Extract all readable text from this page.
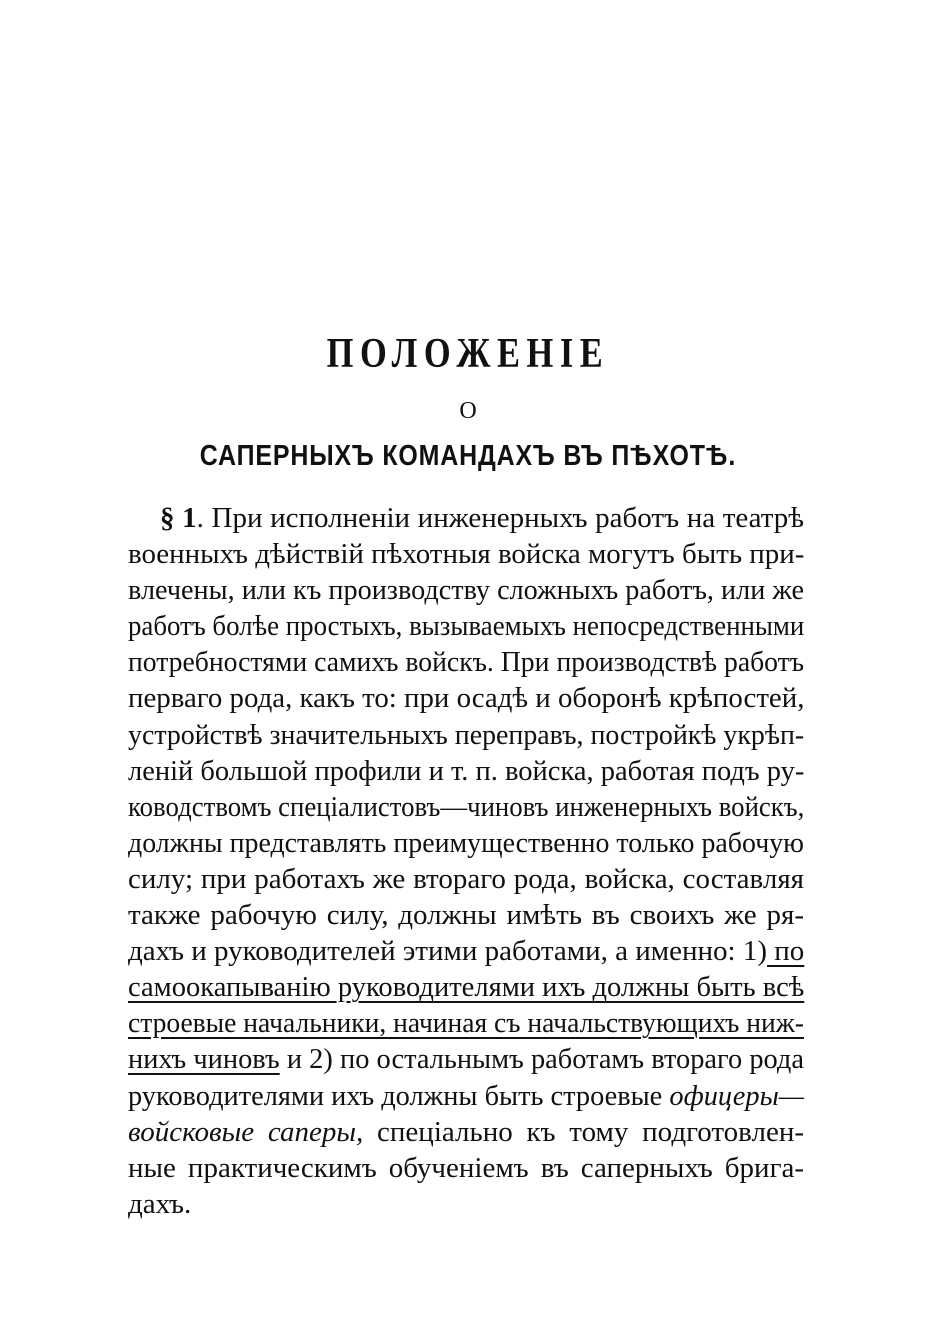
ПОЛОЖЕНІЕ
О
САПЕРНЫХЪ КОМАНДАХЪ ВЪ ПѢХОТѢ.
§ 1. При исполненіи инженерныхъ работъ на театрѣ
военныхъ дѣйствій пѣхотныя войска могутъ быть при-
влечены, или къ производству сложныхъ работъ, или же
работъ болѣе простыхъ, вызываемыхъ непосредственными
потребностями самихъ войскъ. При производствѣ работъ
перваго рода, какъ то: при осадѣ и оборонѣ крѣпостей,
устройствѣ значительныхъ переправъ, постройкѣ укрѣп-
леній большой профили и т. п. войска, работая подъ ру-
ководствомъ спеціалистовъ—чиновъ инженерныхъ войскъ,
должны представлять преимущественно только рабочую
силу; при работахъ же втораго рода, войска, составляя
также рабочую силу, должны имѣть въ своихъ же ря-
дахъ и руководителей этими работами, а именно: 1) по
самоокапыванію руководителями ихъ должны быть всѣ
строевые начальники, начиная съ начальствующихъ ниж-
нихъ чиновъ и 2) по остальнымъ работамъ втораго рода
руководителями ихъ должны быть строевые офицеры—
войсковые саперы, спеціально къ тому подготовлен-
ные практическимъ обученіемъ въ саперныхъ брига-
дахъ.
